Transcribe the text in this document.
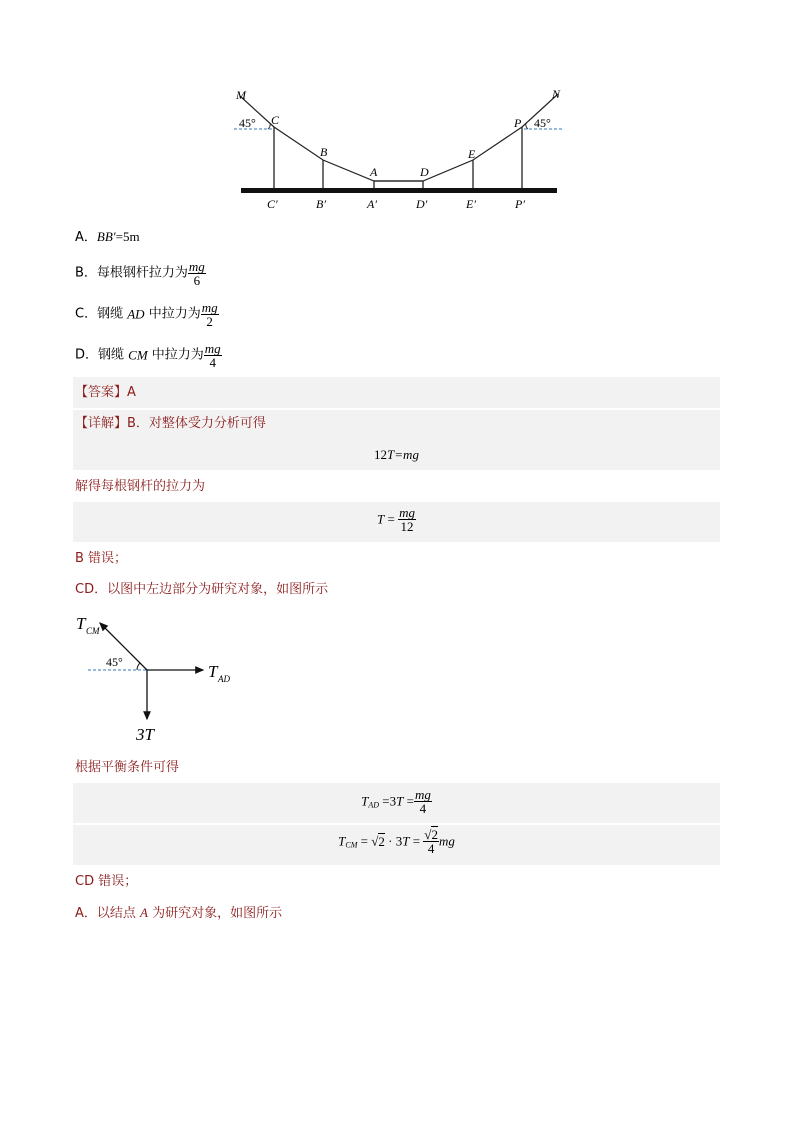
M	N
C
45°
B
A	D
E
P 45°
C′	B′	A′	D′	E′	P′
A．BB′=5m
B．每根钢杆拉力为 $\frac{mg}{6}$
C．钢缆 AD 中拉力为 $\frac{mg}{2}$
D．钢缆 CM 中拉力为 $\frac{mg}{4}$
【答案】A
【详解】B．对整体受力分析可得
12T=mg
解得每根钢杆的拉力为
$T = \frac{mg}{12}$
B 错误；
CD．以图中左边部分为研究对象，如图所示
T CM
45°	T AD
3T
根据平衡条件可得
$T_{AD} =3T = \frac{mg}{4}$
$T_{CM} = √2 \cdot 3T = \frac{√2}{4}$ mg
CD 错误；
A．以结点 A 为研究对象，如图所示
